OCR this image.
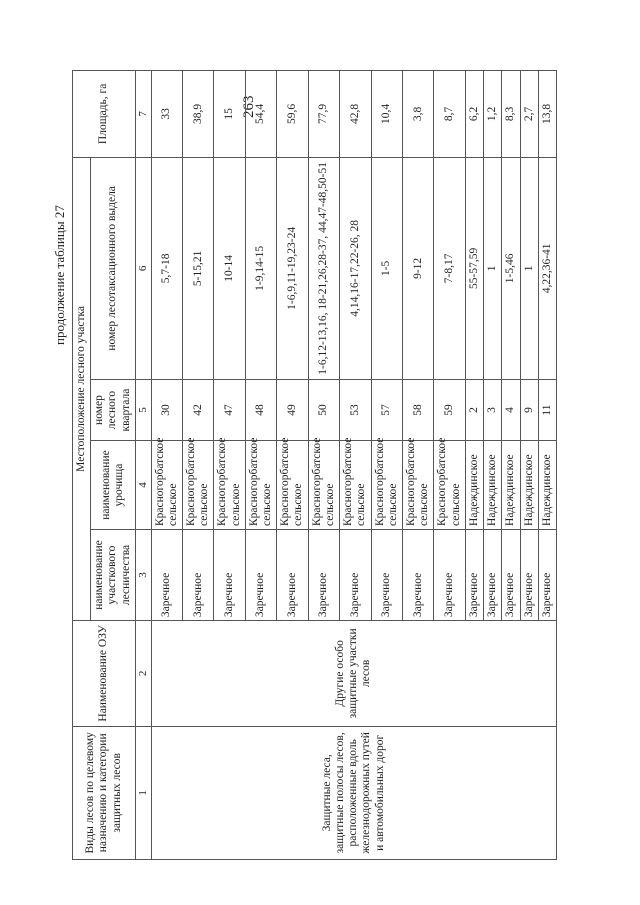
263
продолжение таблицы 27
Виды лесов по целевому назначению и категории защитных лесов	Наименование ОЗУ	Местоположение лесного участка				Площадь, га
		наименование участкового лесничества	наименование урочища	номер лесного квартала	номер лесотаксационного выдела	
1	2	3	4	5	6	7
Защитные леса, защитные полосы лесов, расположенные вдоль железнодорожных путей и автомобильных дорог	Другие особо защитные участки лесов	Заречное	Красногорбатское сельское	30	5,7-18	33
		Заречное	Красногорбатское сельское	42	5-15,21	38,9
		Заречное	Красногорбатское сельское	47	10-14	15
		Заречное	Красногорбатское сельское	48	1-9,14-15	54,4
		Заречное	Красногорбатское сельское	49	1-6,9,11-19,23-24	59,6
		Заречное	Красногорбатское сельское	50	1-6,12-13,16, 18-21,26,28-37, 44,47-48,50-51	77,9
		Заречное	Красногорбатское сельское	53	4,14,16-17,22-26, 28	42,8
		Заречное	Красногорбатское сельское	57	1-5	10,4
		Заречное	Красногорбатское сельское	58	9-12	3,8
		Заречное	Красногорбатское сельское	59	7-8,17	8,7
		Заречное	Надеждинское	2	55-57,59	6,2
		Заречное	Надеждинское	3	1	1,2
		Заречное	Надеждинское	4	1-5,46	8,3
		Заречное	Надеждинское	9	1	2,7
		Заречное	Надеждинское	11	4,22,36-41	13,8
